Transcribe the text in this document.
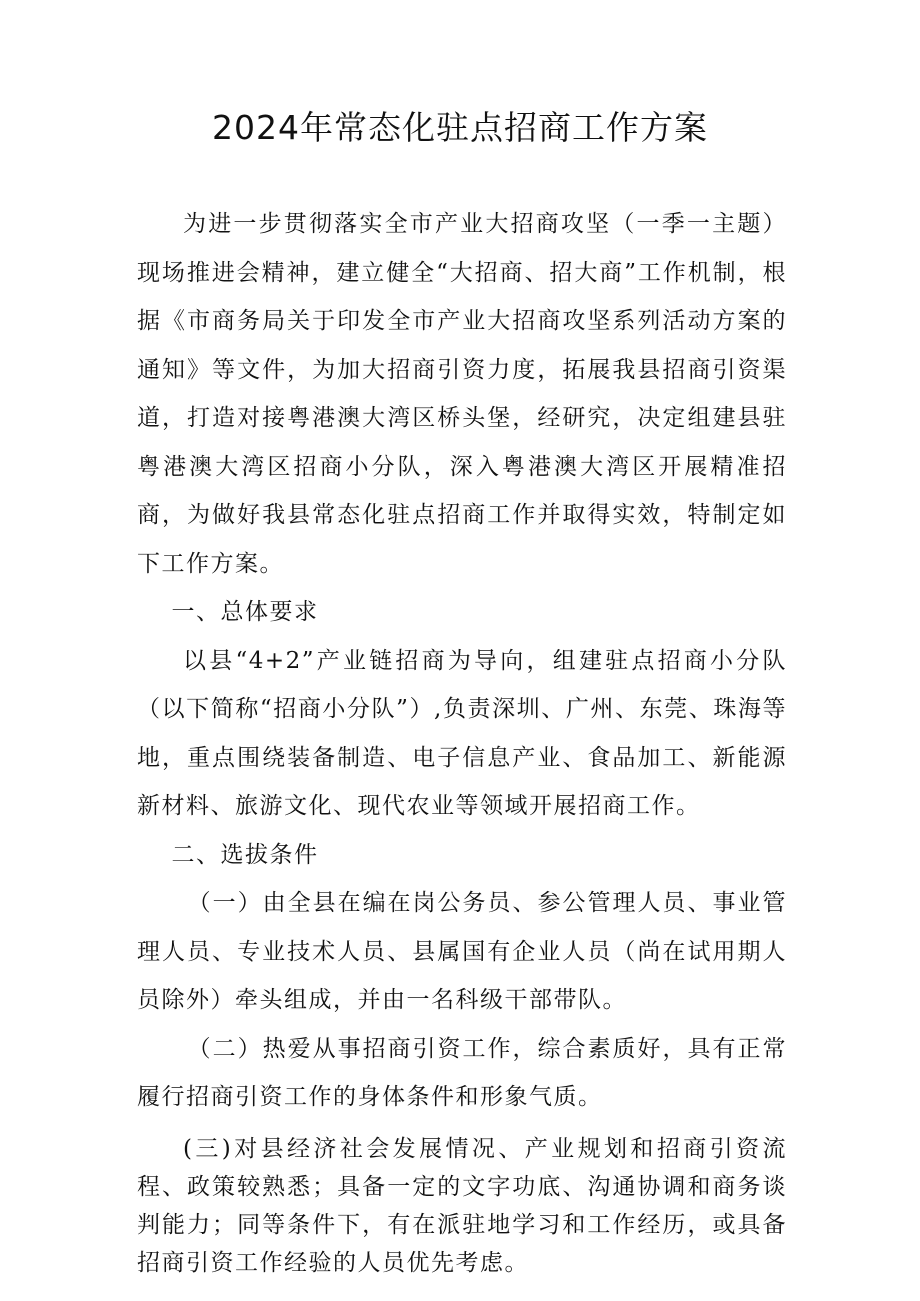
2024年常态化驻点招商工作方案

为进一步贯彻落实全市产业大招商攻坚（一季一主题）现场推进会精神，建立健全“大招商、招大商”工作机制，根据《市商务局关于印发全市产业大招商攻坚系列活动方案的通知》等文件，为加大招商引资力度，拓展我县招商引资渠道，打造对接粤港澳大湾区桥头堡，经研究，决定组建县驻粤港澳大湾区招商小分队，深入粤港澳大湾区开展精准招商，为做好我县常态化驻点招商工作并取得实效，特制定如下工作方案。

一、总体要求

以县“4+2”产业链招商为导向，组建驻点招商小分队（以下简称“招商小分队”）,负责深圳、广州、东莞、珠海等地，重点围绕装备制造、电子信息产业、食品加工、新能源新材料、旅游文化、现代农业等领域开展招商工作。

二、选拔条件

（一）由全县在编在岗公务员、参公管理人员、事业管理人员、专业技术人员、县属国有企业人员（尚在试用期人员除外）牵头组成，并由一名科级干部带队。

（二）热爱从事招商引资工作，综合素质好，具有正常履行招商引资工作的身体条件和形象气质。

(三)对县经济社会发展情况、产业规划和招商引资流程、政策较熟悉；具备一定的文字功底、沟通协调和商务谈判能力；同等条件下，有在派驻地学习和工作经历，或具备招商引资工作经验的人员优先考虑。
